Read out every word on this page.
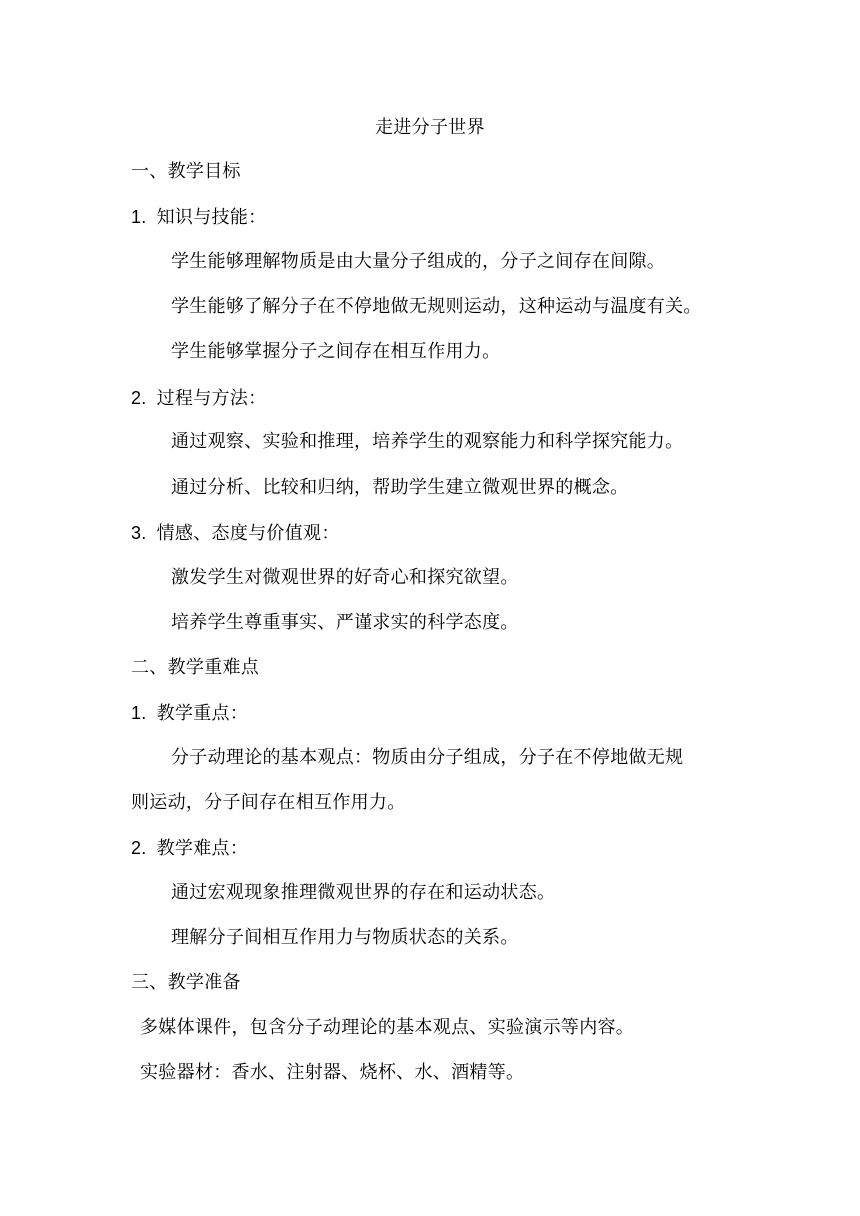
走进分子世界
一、教学目标
1. 知识与技能：
学生能够理解物质是由大量分子组成的，分子之间存在间隙。
学生能够了解分子在不停地做无规则运动，这种运动与温度有关。
学生能够掌握分子之间存在相互作用力。
2. 过程与方法：
通过观察、实验和推理，培养学生的观察能力和科学探究能力。
通过分析、比较和归纳，帮助学生建立微观世界的概念。
3. 情感、态度与价值观：
激发学生对微观世界的好奇心和探究欲望。
培养学生尊重事实、严谨求实的科学态度。
二、教学重难点
1. 教学重点：
分子动理论的基本观点：物质由分子组成，分子在不停地做无规
则运动，分子间存在相互作用力。
2. 教学难点：
通过宏观现象推理微观世界的存在和运动状态。
理解分子间相互作用力与物质状态的关系。
三、教学准备
多媒体课件，包含分子动理论的基本观点、实验演示等内容。
实验器材：香水、注射器、烧杯、水、酒精等。
